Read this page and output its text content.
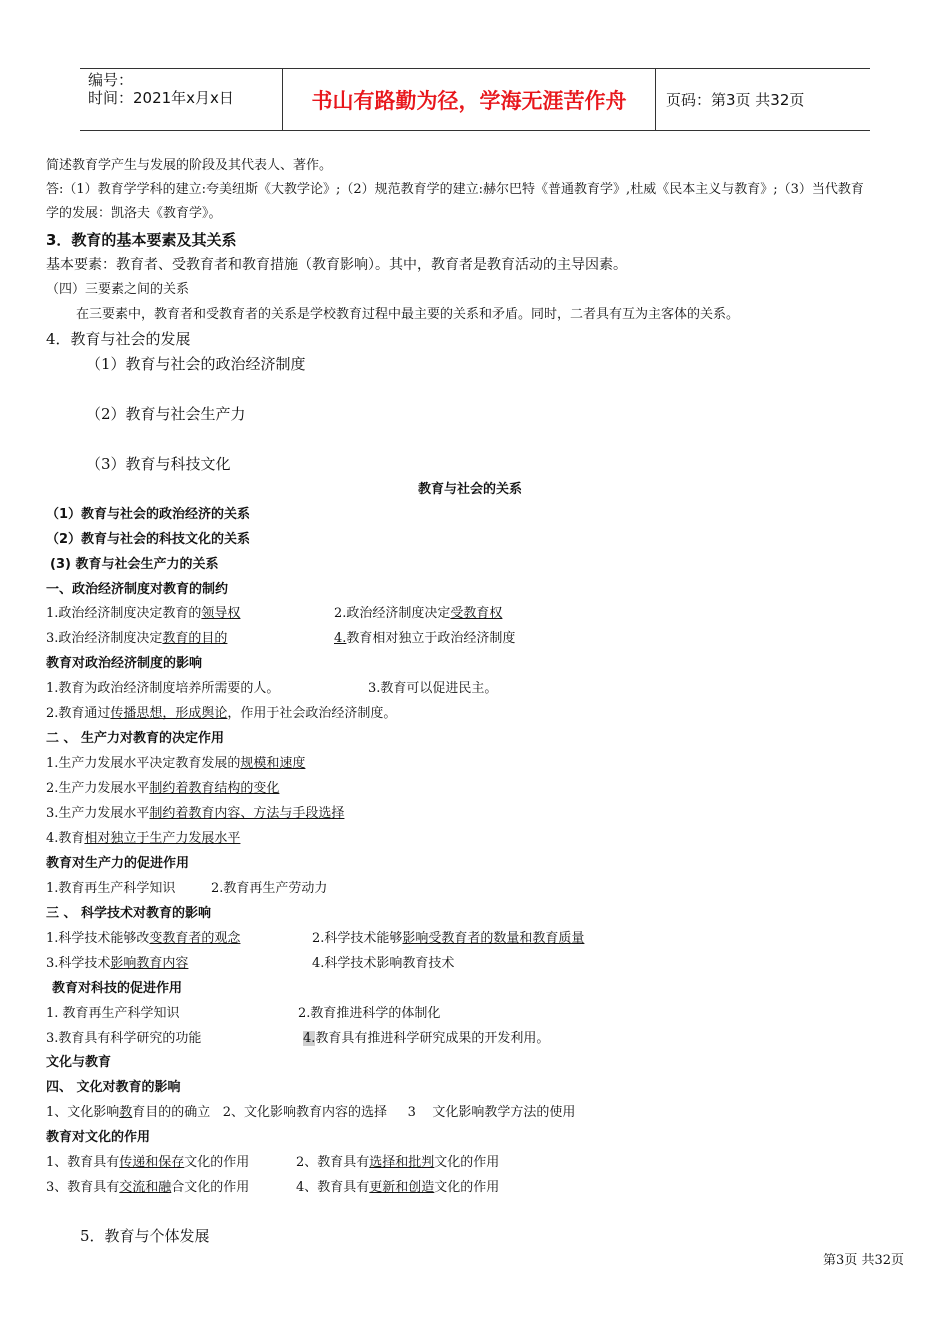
编号：
时间：2021年x月x日	书山有路勤为径，学海无涯苦作舟	页码：第3页 共32页
简述教育学产生与发展的阶段及其代表人、著作。
答:（1）教育学学科的建立:夸美纽斯《大教学论》;（2）规范教育学的建立:赫尔巴特《普通教育学》,杜威《民本主义与教育》;（3）当代教育
学的发展：凯洛夫《教育学》。
3．教育的基本要素及其关系
基本要素：教育者、受教育者和教育措施（教育影响）。其中，教育者是教育活动的主导因素。
（四）三要素之间的关系
在三要素中，教育者和受教育者的关系是学校教育过程中最主要的关系和矛盾。同时，二者具有互为主客体的关系。
4．教育与社会的发展
（1）教育与社会的政治经济制度
（2）教育与社会生产力
（3）教育与科技文化
教育与社会的关系
（1）教育与社会的政治经济的关系
（2）教育与社会的科技文化的关系
(3) 教育与社会生产力的关系
一、政治经济制度对教育的制约
1.政治经济制度决定教育的领导权	2.政治经济制度决定受教育权
3.政治经济制度决定教育的目的	4.教育相对独立于政治经济制度
教育对政治经济制度的影响
1.教育为政治经济制度培养所需要的人。	3.教育可以促进民主。
2.教育通过传播思想，形成舆论，作用于社会政治经济制度。
二 、 生产力对教育的决定作用
1.生产力发展水平决定教育发展的规模和速度
2.生产力发展水平制约着教育结构的变化
3.生产力发展水平制约着教育内容、方法与手段选择
4.教育相对独立于生产力发展水平
教育对生产力的促进作用
1.教育再生产科学知识	2.教育再生产劳动力
三 、 科学技术对教育的影响
1.科学技术能够改变教育者的观念	2.科学技术能够影响受教育者的数量和教育质量
3.科学技术影响教育内容	4.科学技术影响教育技术
教育对科技的促进作用
1. 教育再生产科学知识	2.教育推进科学的体制化
3.教育具有科学研究的功能	4.教育具有推进科学研究成果的开发利用。
文化与教育
四、 文化对教育的影响
1、文化影响教育目的的确立   2、文化影响教育内容的选择     3    文化影响教学方法的使用
教育对文化的作用
1、教育具有传递和保存文化的作用	2、教育具有选择和批判文化的作用
3、教育具有交流和融合文化的作用	4、教育具有更新和创造文化的作用
5．教育与个体发展
第3页 共32页
